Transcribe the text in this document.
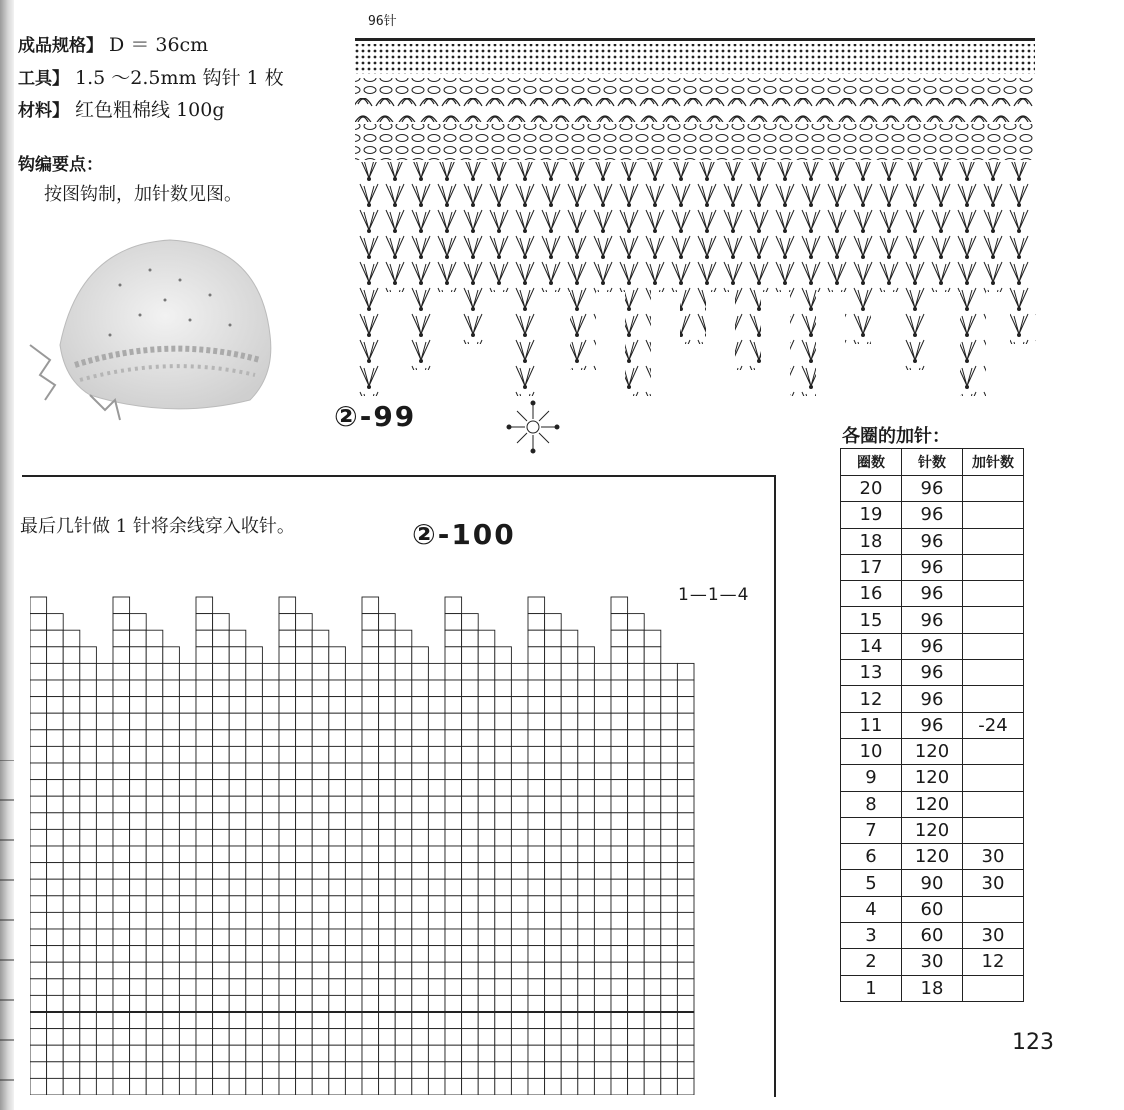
成品规格】 D ＝ 36cm
工具】 1.5 ～2.5mm 钩针 1 枚
材料】 红色粗棉线 100g
钩编要点：
按图钩制，加针数见图。
96针
②-99
各圈的加针：
圈数	针数	加针数
20	96	
19	96	
18	96	
17	96	
16	96	
15	96	
14	96	
13	96	
12	96	
11	96	-24
10	120	
9	120	
8	120	
7	120	
6	120	30
5	90	30
4	60	
3	60	30
2	30	12
1	18	
最后几针做 1 针将余线穿入收针。	②-100
1—1—4
123
